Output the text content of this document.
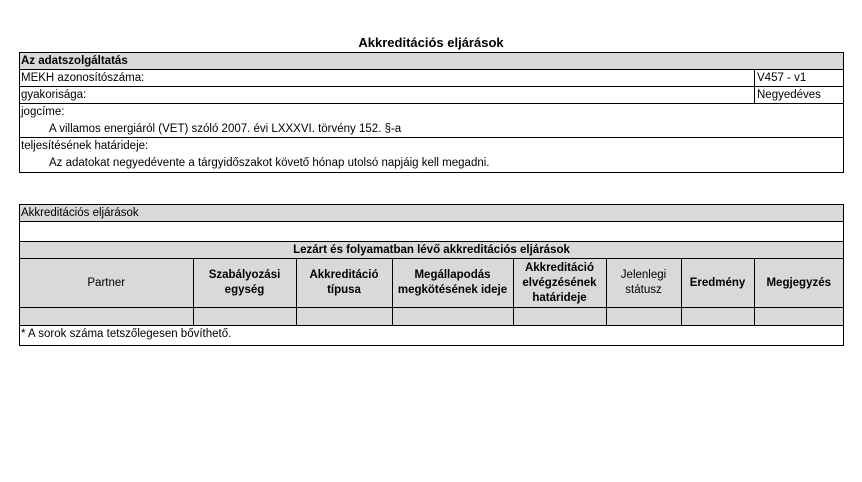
Akkreditációs eljárások
Az adatszolgáltatás
MEKH azonosítószáma:	V457 - v1
gyakorisága:	Negyedéves
jogcíme:
A villamos energiáról (VET) szóló 2007. évi LXXXVI. törvény 152. §-a
teljesítésének határideje:
Az adatokat negyedévente a tárgyidőszakot követő hónap utolsó napjáig kell megadni.
Akkreditációs eljárások
Lezárt és folyamatban lévő akkreditációs eljárások
Partner	Szabályozási egység	Akkreditáció típusa	Megállapodás megkötésének ideje	Akkreditáció elvégzésének határideje	Jelenlegi státusz	Eredmény	Megjegyzés

* A sorok száma tetszőlegesen bővíthető.
